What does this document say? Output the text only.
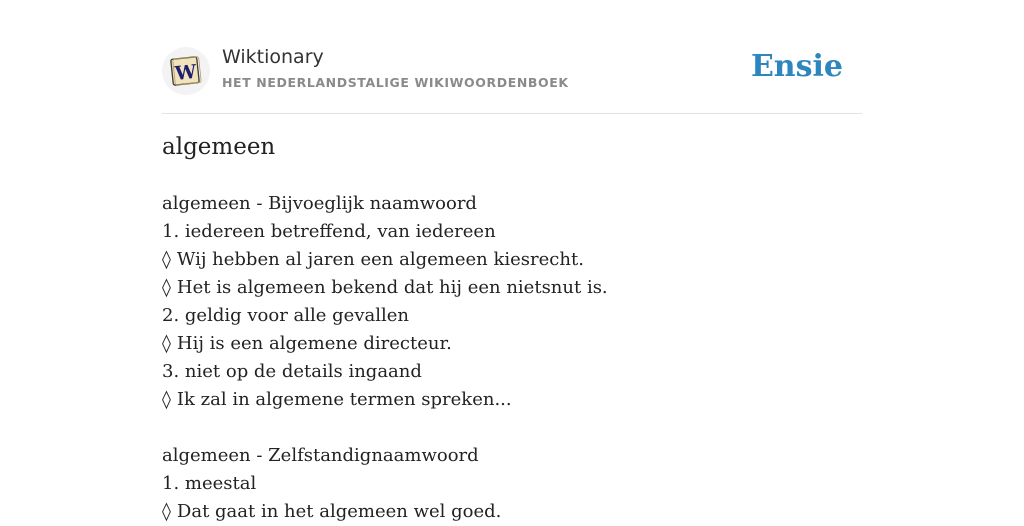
W
Wiktionary
HET NEDERLANDSTALIGE WIKIWOORDENBOEK	Ensie
algemeen
algemeen - Bijvoeglijk naamwoord
1. iedereen betreffend, van iedereen
◊ Wij hebben al jaren een algemeen kiesrecht.
◊ Het is algemeen bekend dat hij een nietsnut is.
2. geldig voor alle gevallen
◊ Hij is een algemene directeur.
3. niet op de details ingaand
◊ Ik zal in algemene termen spreken...
algemeen - Zelfstandignaamwoord
1. meestal
◊ Dat gaat in het algemeen wel goed.
